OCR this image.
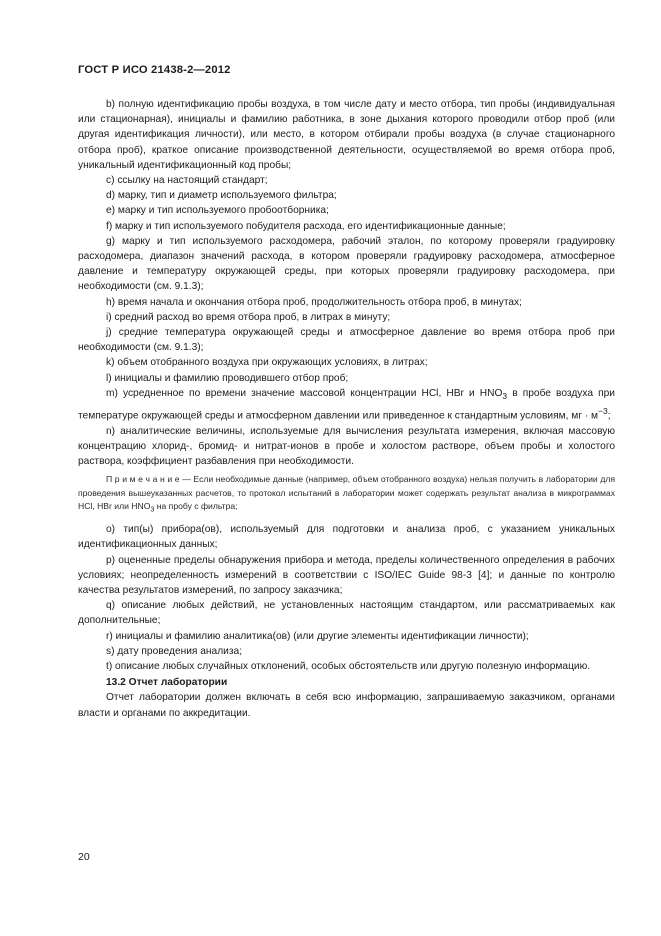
ГОСТ Р ИСО 21438-2—2012

b) полную идентификацию пробы воздуха, в том числе дату и место отбора, тип пробы (индивидуальная или стационарная), инициалы и фамилию работника, в зоне дыхания которого проводили отбор проб (или другая идентификация личности), или место, в котором отбирали пробы воздуха (в случае стационарного отбора проб), краткое описание производственной деятельности, осуществляемой во время отбора проб, уникальный идентификационный код пробы;

c) ссылку на настоящий стандарт;

d) марку, тип и диаметр используемого фильтра;

e) марку и тип используемого пробоотборника;

f) марку и тип используемого побудителя расхода, его идентификационные данные;

g) марку и тип используемого расходомера, рабочий эталон, по которому проверяли градуировку расходомера, диапазон значений расхода, в котором проверяли градуировку расходомера, атмосферное давление и температуру окружающей среды, при которых проверяли градуировку расходомера, при необходимости (см. 9.1.3);

h) время начала и окончания отбора проб, продолжительность отбора проб, в минутах;

i) средний расход во время отбора проб, в литрах в минуту;

j) средние температура окружающей среды и атмосферное давление во время отбора проб при необходимости (см. 9.1.3);

k) объем отобранного воздуха при окружающих условиях, в литрах;

l) инициалы и фамилию проводившего отбор проб;

m) усредненное по времени значение массовой концентрации HCl, HBr и $HNO_3$ в пробе воздуха при температуре окружающей среды и атмосферном давлении или приведенное к стандартным условиям, мг · $м^{-3}$;

n) аналитические величины, используемые для вычисления результата измерения, включая массовую концентрацию хлорид-, бромид- и нитрат-ионов в пробе и холостом растворе, объем пробы и холостого раствора, коэффициент разбавления при необходимости.

П р и м е ч а н и е — Если необходимые данные (например, объем отобранного воздуха) нельзя получить в лаборатории для проведения вышеуказанных расчетов, то протокол испытаний в лаборатории может содержать результат анализа в микрограммах HCl, HBr или $HNO_3$ на пробу с фильтра;

o) тип(ы) прибора(ов), используемый для подготовки и анализа проб, с указанием уникальных идентификационных данных;

p) оцененные пределы обнаружения прибора и метода, пределы количественного определения в рабочих условиях; неопределенность измерений в соответствии с ISO/IEC Guide 98-3 [4]; и данные по контролю качества результатов измерений, по запросу заказчика;

q) описание любых действий, не установленных настоящим стандартом, или рассматриваемых как дополнительные;

r) инициалы и фамилию аналитика(ов) (или другие элементы идентификации личности);

s) дату проведения анализа;

t) описание любых случайных отклонений, особых обстоятельств или другую полезную информацию.

13.2 Отчет лаборатории

Отчет лаборатории должен включать в себя всю информацию, запрашиваемую заказчиком, органами власти и органами по аккредитации.

20
